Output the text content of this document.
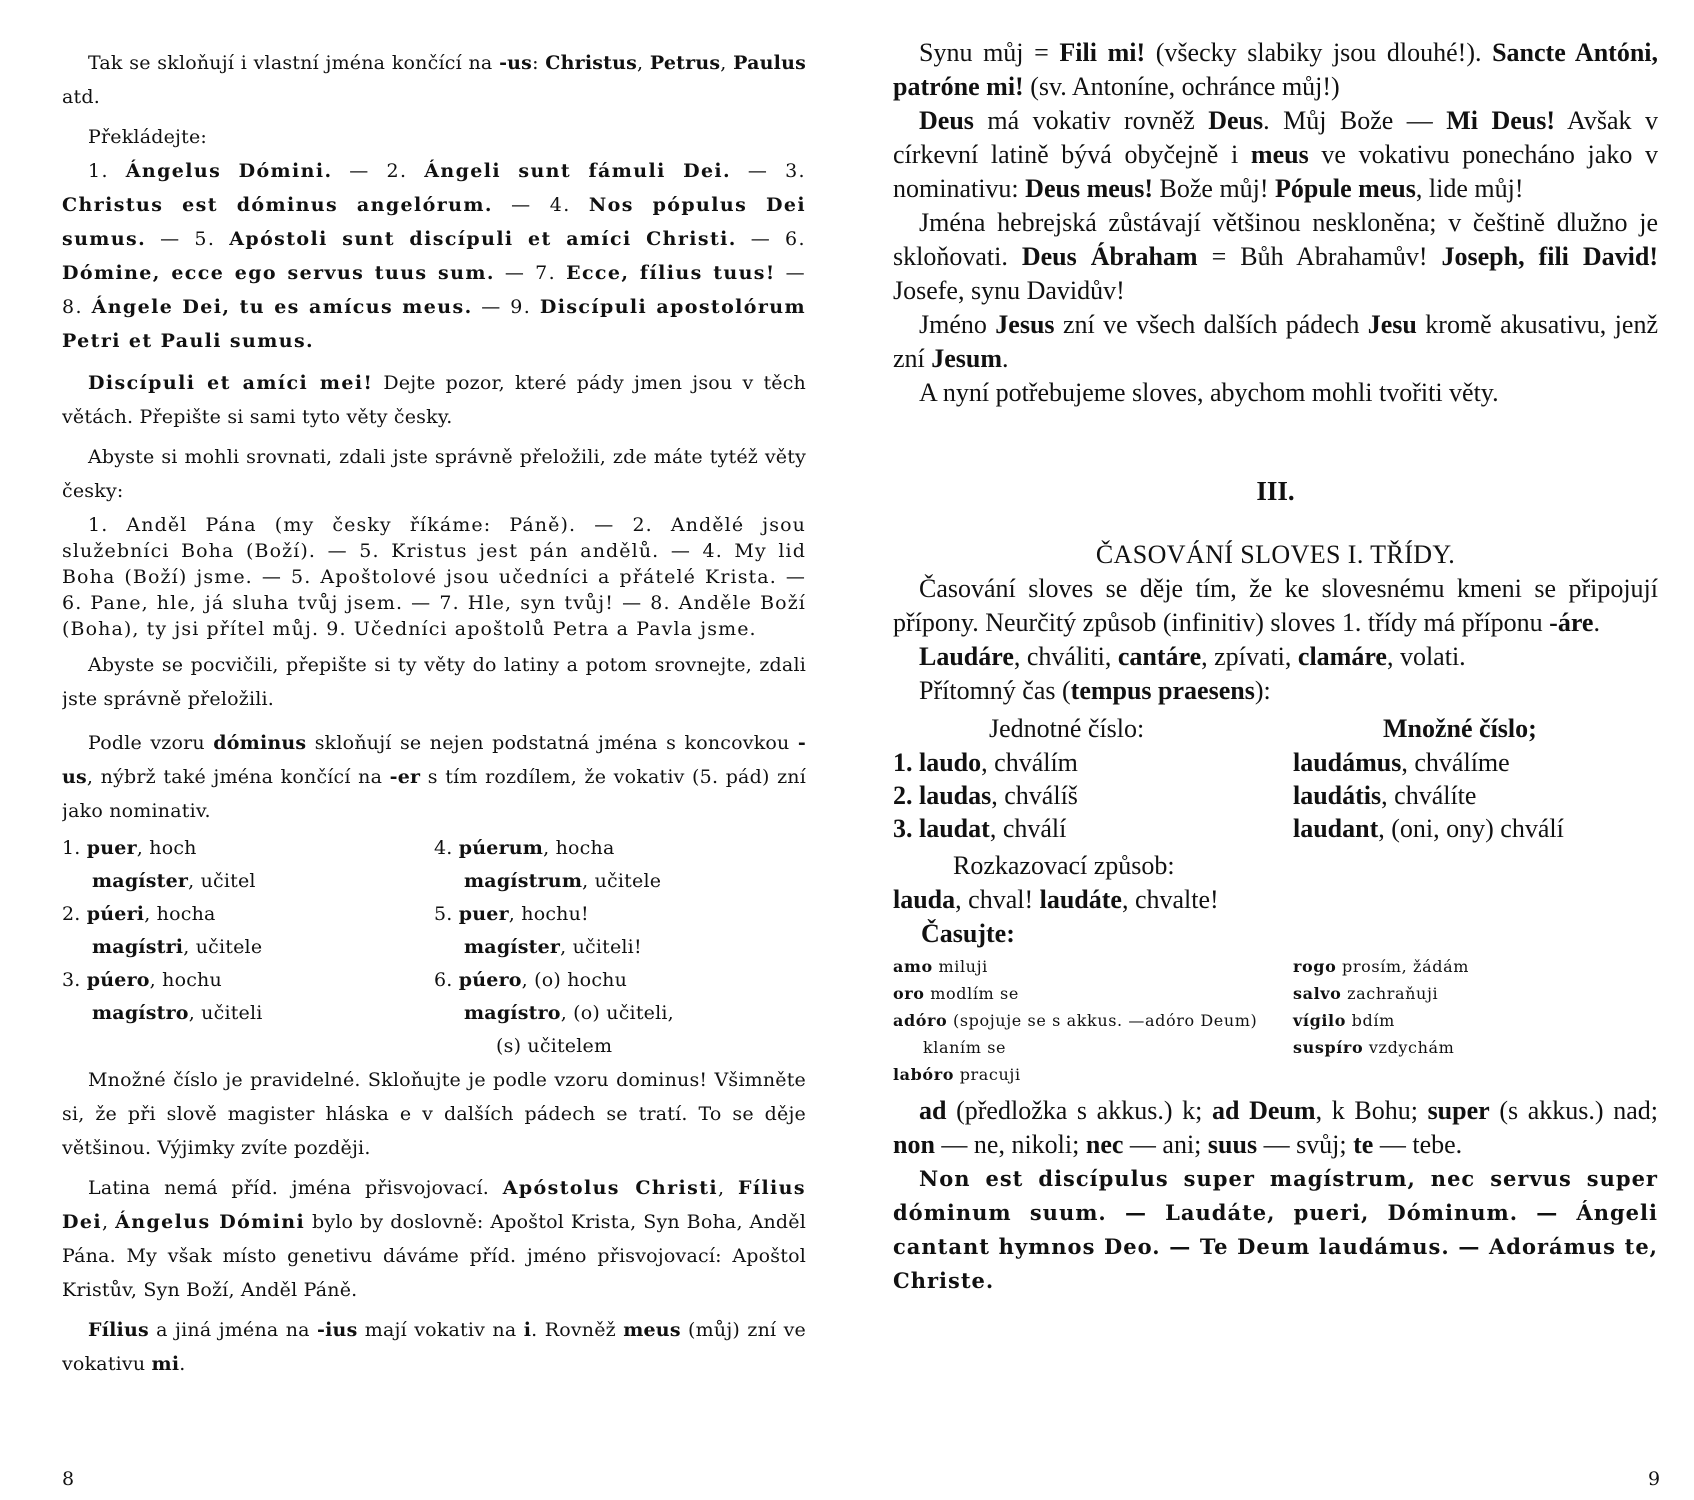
Tak se skloňují i vlastní jména končící na -us: Christus, Petrus, Paulus atd.

Překládejte:

1. Ángelus Dómini. — 2. Ángeli sunt fámuli Dei. — 3. Christus est dóminus angelórum. — 4. Nos pópulus Dei sumus. — 5. Apóstoli sunt discípuli et amíci Christi. — 6. Dómine, ecce ego servus tuus sum. — 7. Ecce, fílius tuus! — 8. Ángele Dei, tu es amícus meus. — 9. Discípuli apostolórum Petri et Pauli sumus.

Discípuli et amíci mei! Dejte pozor, které pády jmen jsou v těch větách. Přepište si sami tyto věty česky.

Abyste si mohli srovnati, zdali jste správně přeložili, zde máte tytéž věty česky:

1. Anděl Pána (my česky říkáme: Páně). — 2. Andělé jsou služebníci Boha (Boží). — 5. Kristus jest pán andělů. — 4. My lid Boha (Boží) jsme. — 5. Apoštolové jsou učedníci a přátelé Krista. — 6. Pane, hle, já sluha tvůj jsem. — 7. Hle, syn tvůj! — 8. Anděle Boží (Boha), ty jsi přítel můj. 9. Učedníci apoštolů Petra a Pavla jsme.

Abyste se pocvičili, přepište si ty věty do latiny a potom srovnejte, zdali jste správně přeložili.

Podle vzoru dóminus skloňují se nejen podstatná jména s koncovkou -us, nýbrž také jména končící na -er s tím rozdílem, že vokativ (5. pád) zní jako nominativ.

1. puer, hoch
magíster, učitel
2. púeri, hocha
magístri, učitele
3. púero, hochu
magístro, učiteli
4. púerum, hocha
magístrum, učitele
5. puer, hochu!
magíster, učiteli!
6. púero, (o) hochu
magístro, (o) učiteli,
(s) učitelem

Množné číslo je pravidelné. Skloňujte je podle vzoru dominus! Všimněte si, že při slově magister hláska e v dalších pádech se tratí. To se děje většinou. Výjimky zvíte později.

Latina nemá příd. jména přisvojovací. Apóstolus Christi, Fílius Dei, Ángelus Dómini bylo by doslovně: Apoštol Krista, Syn Boha, Anděl Pána. My však místo genetivu dáváme příd. jméno přisvojovací: Apoštol Kristův, Syn Boží, Anděl Páně.

Fílius a jiná jména na -ius mají vokativ na i. Rovněž meus (můj) zní ve vokativu mi.

8

Synu můj = Fili mi! (všecky slabiky jsou dlouhé!). Sancte Antóni, patróne mi! (sv. Antoníne, ochránce můj!)

Deus má vokativ rovněž Deus. Můj Bože — Mi Deus! Avšak v církevní latině bývá obyčejně i meus ve vokativu ponecháno jako v nominativu: Deus meus! Bože můj! Pópule meus, lide můj!

Jména hebrejská zůstávají většinou neskloněna; v češtině dlužno je skloňovati. Deus Ábraham = Bůh Abrahamův! Joseph, fili David! Josefe, synu Davidův!

Jméno Jesus zní ve všech dalších pádech Jesu kromě akusativu, jenž zní Jesum.

A nyní potřebujeme sloves, abychom mohli tvořiti věty.

III.
ČASOVÁNÍ SLOVES I. TŘÍDY.

Časování sloves se děje tím, že ke slovesnému kmeni se připojují přípony. Neurčitý způsob (infinitiv) sloves 1. třídy má příponu -áre.

Laudáre, chváliti, cantáre, zpívati, clamáre, volati.

Přítomný čas (tempus praesens):

Jednotné číslo:
1. laudo, chválím
2. laudas, chválíš
3. laudat, chválí
Množné číslo;
laudámus, chválíme
laudátis, chválíte
laudant, (oni, ony) chválí
Rozkazovací způsob:
lauda, chval! laudáte, chvalte!
Časujte:
amo miluji
oro modlím se
adóro (spojuje se s akkus. —adóro Deum)
klaním se
labóro pracuji
rogo prosím, žádám
salvo zachraňuji
vígilo bdím
suspíro vzdychám

ad (předložka s akkus.) k; ad Deum, k Bohu; super (s akkus.) nad; non — ne, nikoli; nec — ani; suus — svůj; te — tebe.

Non est discípulus super magístrum, nec servus super dóminum suum. — Laudáte, pueri, Dóminum. — Ángeli cantant hymnos Deo. — Te Deum laudámus. — Adorámus te, Christe.

9
